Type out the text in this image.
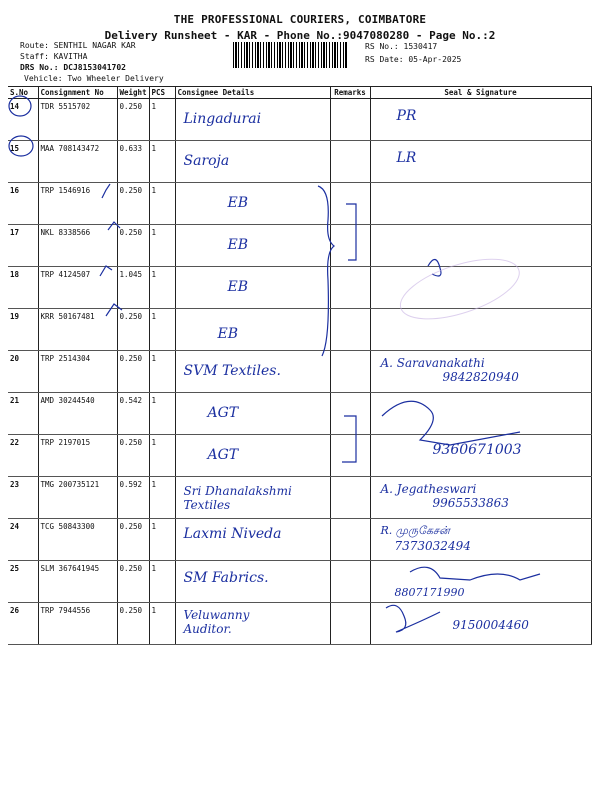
THE PROFESSIONAL COURIERS, COIMBATORE
Delivery Runsheet - KAR - Phone No.:9047080280 - Page No.:2
Route: SENTHIL NAGAR KAR
Staff: KAVITHA
DRS No.: DCJ8153041702
Vehicle: Two Wheeler Delivery
RS No.: 1530417
RS Date: 05-Apr-2025
S.No	Consignment No	Weight	PCS	Consignee Details	Remarks	Seal & Signature
14	TDR 5515702	0.250	1	Lingadurai		PR

15	MAA 708143472	0.633	1	Saroja		LR

16	TRP 1546916	0.250	1	EB		

17	NKL 8338566	0.250	1	EB		

18	TRP 4124507	1.045	1	EB		

19	KRR 50167481	0.250	1	EB		

20	TRP 2514304	0.250	1	SVM Textiles.		A. Saravanakathi
9842820940

21	AMD 30244540	0.542	1	AGT		

22	TRP 2197015	0.250	1	AGT		9360671003

23	TMG 200735121	0.592	1	Sri Dhanalakshmi Textiles		A. Jegatheswari
9965533863

24	TCG 50843300	0.250	1	Laxmi Niveda		R. முருகேசன்
7373032494

25	SLM 367641945	0.250	1	SM Fabrics.		8807171990

26	TRP 7944556	0.250	1	Veluwanny Auditor.		9150004460
